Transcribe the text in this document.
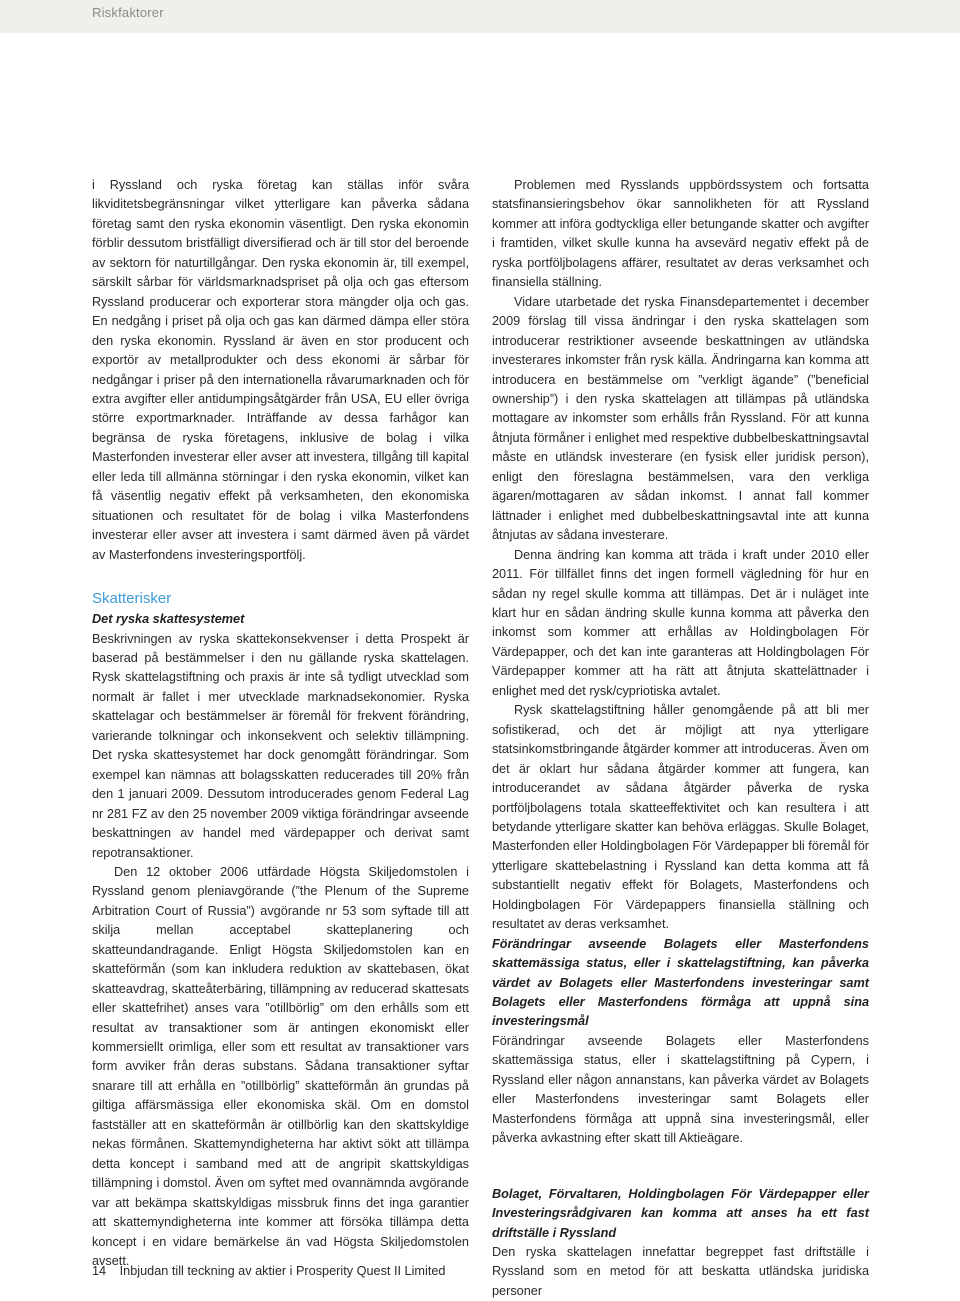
Riskfaktorer

i Ryssland och ryska företag kan ställas inför svåra likviditetsbegränsningar vilket ytterligare kan påverka sådana företag samt den ryska ekonomin väsentligt. Den ryska ekonomin förblir dessutom bristfälligt diversifierad och är till stor del beroende av sektorn för naturtillgångar. Den ryska ekonomin är, till exempel, särskilt sårbar för världsmarknadspriset på olja och gas eftersom Ryssland producerar och exporterar stora mängder olja och gas. En nedgång i priset på olja och gas kan därmed dämpa eller störa den ryska ekonomin. Ryssland är även en stor producent och exportör av metallprodukter och dess ekonomi är sårbar för nedgångar i priser på den internationella råvarumarknaden och för extra avgifter eller antidumpingsåtgärder från USA, EU eller övriga större exportmarknader. Inträffande av dessa farhågor kan begränsa de ryska företagens, inklusive de bolag i vilka Masterfonden investerar eller avser att investera, tillgång till kapital eller leda till allmänna störningar i den ryska ekonomin, vilket kan få väsentlig negativ effekt på verksamheten, den ekonomiska situationen och resultatet för de bolag i vilka Masterfondens investerar eller avser att investera i samt därmed även på värdet av Masterfondens investeringsportfölj.

Skatterisker
Det ryska skattesystemet

Beskrivningen av ryska skattekonsekvenser i detta Prospekt är baserad på bestämmelser i den nu gällande ryska skattelagen. Rysk skattelagstiftning och praxis är inte så tydligt utvecklad som normalt är fallet i mer utvecklade marknadsekonomier. Ryska skattelagar och bestämmelser är föremål för frekvent förändring, varierande tolkningar och inkonsekvent och selektiv tillämpning. Det ryska skattesystemet har dock genomgått förändringar. Som exempel kan nämnas att bolagsskatten reducerades till 20% från den 1 januari 2009. Dessutom introducerades genom Federal Lag nr 281 FZ av den 25 november 2009 viktiga förändringar avseende beskattningen av handel med värdepapper och derivat samt repotransaktioner.

Den 12 oktober 2006 utfärdade Högsta Skiljedomstolen i Ryssland genom pleniavgörande (”the Plenum of the Supreme Arbitration Court of Russia”) avgörande nr 53 som syftade till att skilja mellan acceptabel skatteplanering och skatteundandragande. Enligt Högsta Skiljedomstolen kan en skatteförmån (som kan inkludera reduktion av skattebasen, ökat skatteavdrag, skatteåterbäring, tillämpning av reducerad skattesats eller skattefrihet) anses vara ”otillbörlig” om den erhålls som ett resultat av transaktioner som är antingen ekonomiskt eller kommersiellt orimliga, eller som ett resultat av transaktioner vars form avviker från deras substans. Sådana transaktioner syftar snarare till att erhålla en ”otillbörlig” skatteförmån än grundas på giltiga affärsmässiga eller ekonomiska skäl. Om en domstol fastställer att en skatteförmån är otillbörlig kan den skattskyldige nekas förmånen. Skattemyndigheterna har aktivt sökt att tillämpa detta koncept i samband med att de angripit skattskyldigas tillämpning i domstol. Även om syftet med ovannämnda avgörande var att bekämpa skattskyldigas missbruk finns det inga garantier att skattemyndigheterna inte kommer att försöka tillämpa detta koncept i en vidare bemärkelse än vad Högsta Skiljedomstolen avsett.

Problemen med Rysslands uppbördssystem och fortsatta statsfinansieringsbehov ökar sannolikheten för att Ryssland kommer att införa godtyckliga eller betungande skatter och avgifter i framtiden, vilket skulle kunna ha avsevärd negativ effekt på de ryska portföljbolagens affärer, resultatet av deras verksamhet och finansiella ställning.

Vidare utarbetade det ryska Finansdepartementet i december 2009 förslag till vissa ändringar i den ryska skattelagen som introducerar restriktioner avseende beskattningen av utländska investerares inkomster från rysk källa. Ändringarna kan komma att introducera en bestämmelse om ”verkligt ägande” (”beneficial ownership”) i den ryska skattelagen att tillämpas på utländska mottagare av inkomster som erhålls från Ryssland. För att kunna åtnjuta förmåner i enlighet med respektive dubbelbeskattningsavtal måste en utländsk investerare (en fysisk eller juridisk person), enligt den föreslagna bestämmelsen, vara den verkliga ägaren/mottagaren av sådan inkomst. I annat fall kommer lättnader i enlighet med dubbelbeskattningsavtal inte att kunna åtnjutas av sådana investerare.

Denna ändring kan komma att träda i kraft under 2010 eller 2011. För tillfället finns det ingen formell vägledning för hur en sådan ny regel skulle komma att tillämpas. Det är i nuläget inte klart hur en sådan ändring skulle kunna komma att påverka den inkomst som kommer att erhållas av Holdingbolagen För Värdepapper, och det kan inte garanteras att Holdingbolagen För Värdepapper kommer att ha rätt att åtnjuta skattelättnader i enlighet med det rysk/cypriotiska avtalet.

Rysk skattelagstiftning håller genomgående på att bli mer sofistikerad, och det är möjligt att nya ytterligare statsinkomstbringande åtgärder kommer att introduceras. Även om det är oklart hur sådana åtgärder kommer att fungera, kan introducerandet av sådana åtgärder påverka de ryska portföljbolagens totala skatteeffektivitet och kan resultera i att betydande ytterligare skatter kan behöva erläggas. Skulle Bolaget, Masterfonden eller Holdingbolagen För Värdepapper bli föremål för ytterligare skattebelastning i Ryssland kan detta komma att få substantiellt negativ effekt för Bolagets, Masterfondens och Holdingbolagen För Värdepappers finansiella ställning och resultatet av deras verksamhet.

Förändringar avseende Bolagets eller Masterfondens skattemässiga status, eller i skattelagstiftning, kan påverka värdet av Bolagets eller Masterfondens investeringar samt Bolagets eller Masterfondens förmåga att uppnå sina investeringsmål

Förändringar avseende Bolagets eller Masterfondens skattemässiga status, eller i skattelagstiftning på Cypern, i Ryssland eller någon annanstans, kan påverka värdet av Bolagets eller Masterfondens investeringar samt Bolagets eller Masterfondens förmåga att uppnå sina investeringsmål, eller påverka avkastning efter skatt till Aktieägare.

Bolaget, Förvaltaren, Holdingbolagen För Värdepapper eller Investeringsrådgivaren kan komma att anses ha ett fast driftställe i Ryssland

Den ryska skattelagen innefattar begreppet fast driftställe i Ryssland som en metod för att beskatta utländska juridiska personer

14 Inbjudan till teckning av aktier i Prosperity Quest II Limited
